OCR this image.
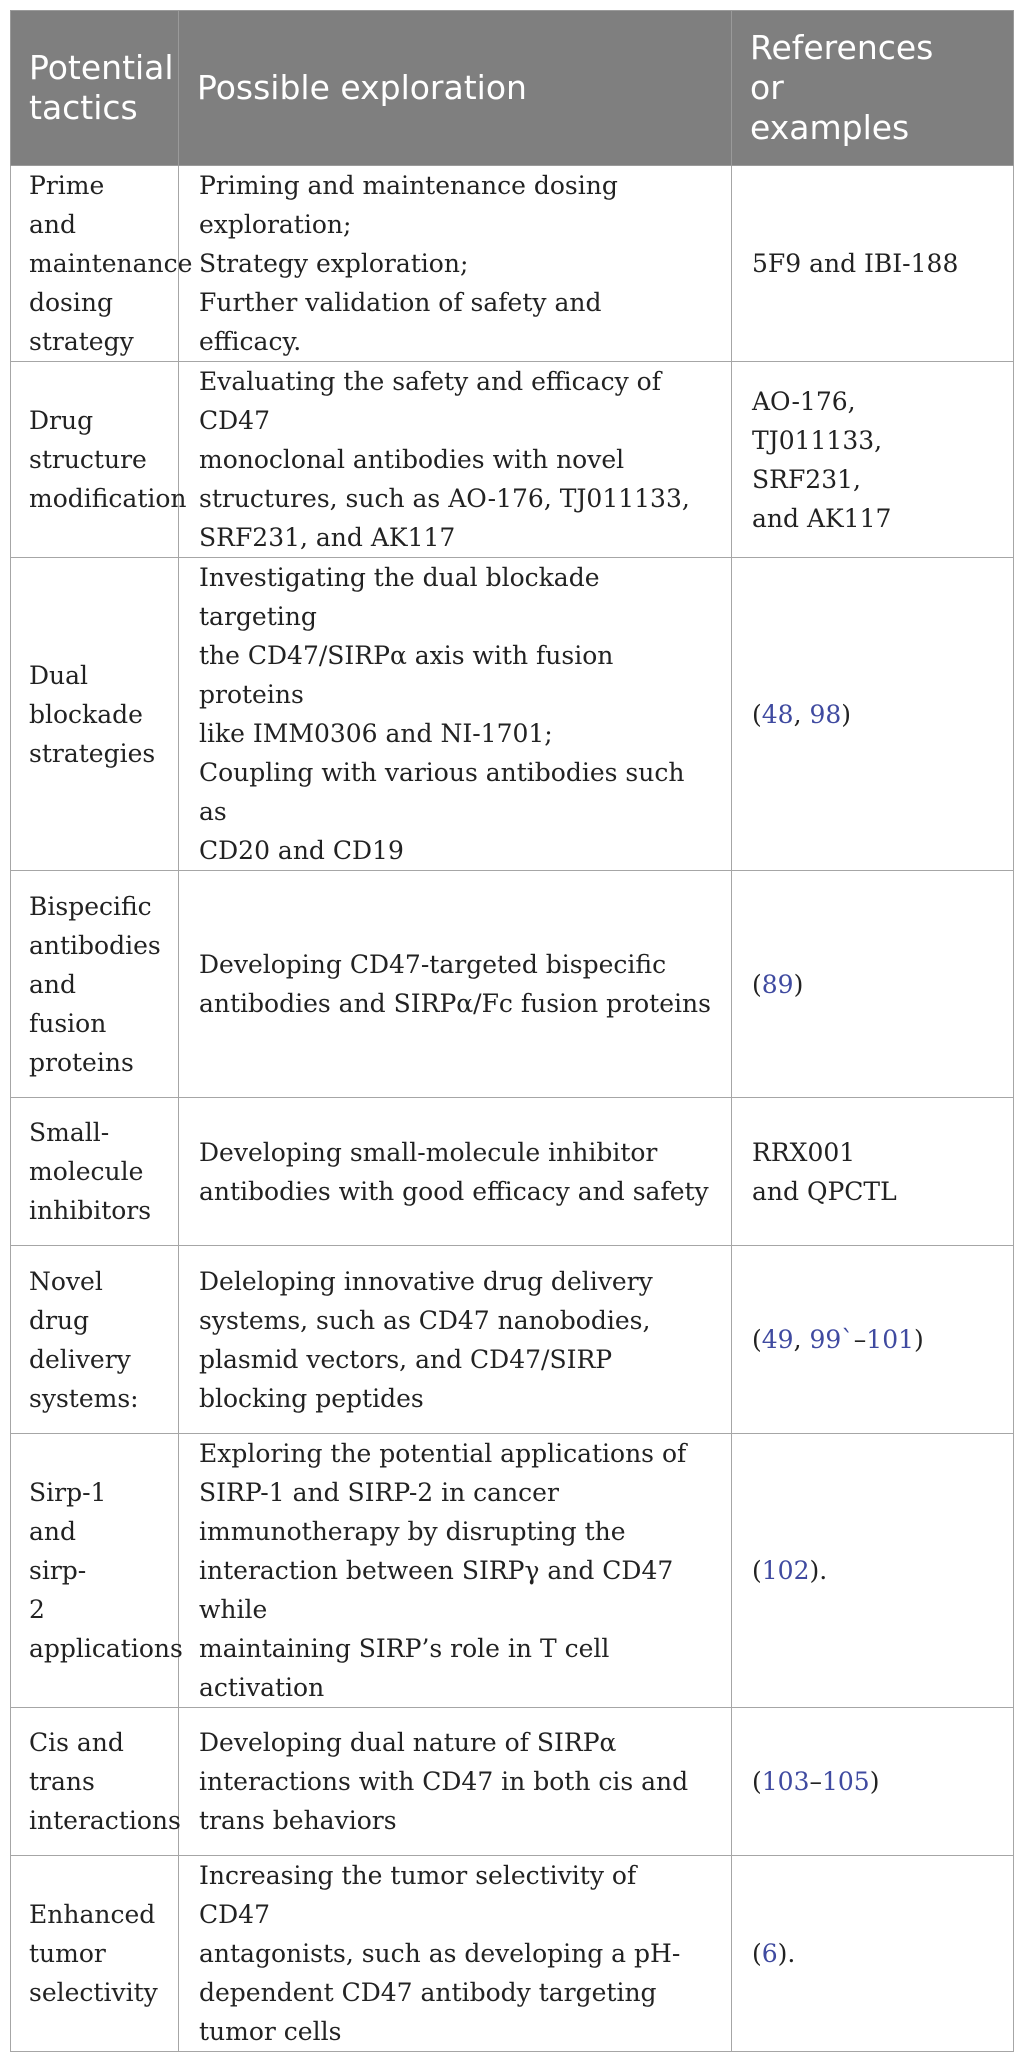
Potential
tactics	Possible exploration	References
or
examples

Prime and
maintenance
dosing
strategy	Priming and maintenance dosing
exploration;
Strategy exploration;
Further validation of safety and efficacy.	5F9 and IBI-188

Drug
structure
modification	Evaluating the safety and efficacy of CD47
monoclonal antibodies with novel
structures, such as AO-176, TJ011133,
SRF231, and AK117	AO-176,
TJ011133,
SRF231,
and AK117

Dual
blockade
strategies	Investigating the dual blockade targeting
the CD47/SIRPα axis with fusion proteins
like IMM0306 and NI-1701;
Coupling with various antibodies such as
CD20 and CD19	(48, 98)

Bispecific
antibodies
and
fusion
proteins	Developing CD47-targeted bispecific
antibodies and SIRPα/Fc fusion proteins	(89)

Small-
molecule
inhibitors	Developing small-molecule inhibitor
antibodies with good efficacy and safety	RRX001
and QPCTL

Novel drug
delivery
systems:	Deleloping innovative drug delivery
systems, such as CD47 nanobodies,
plasmid vectors, and CD47/SIRP
blocking peptides	(49, 99`–101)

Sirp-1 and
sirp-
2 applications	Exploring the potential applications of
SIRP-1 and SIRP-2 in cancer
immunotherapy by disrupting the
interaction between SIRPγ and CD47 while
maintaining SIRP’s role in T cell activation	(102).

Cis and
trans
interactions	Developing dual nature of SIRPα
interactions with CD47 in both cis and
trans behaviors	(103–105)

Enhanced
tumor
selectivity	Increasing the tumor selectivity of CD47
antagonists, such as developing a pH-
dependent CD47 antibody targeting
tumor cells	(6).
